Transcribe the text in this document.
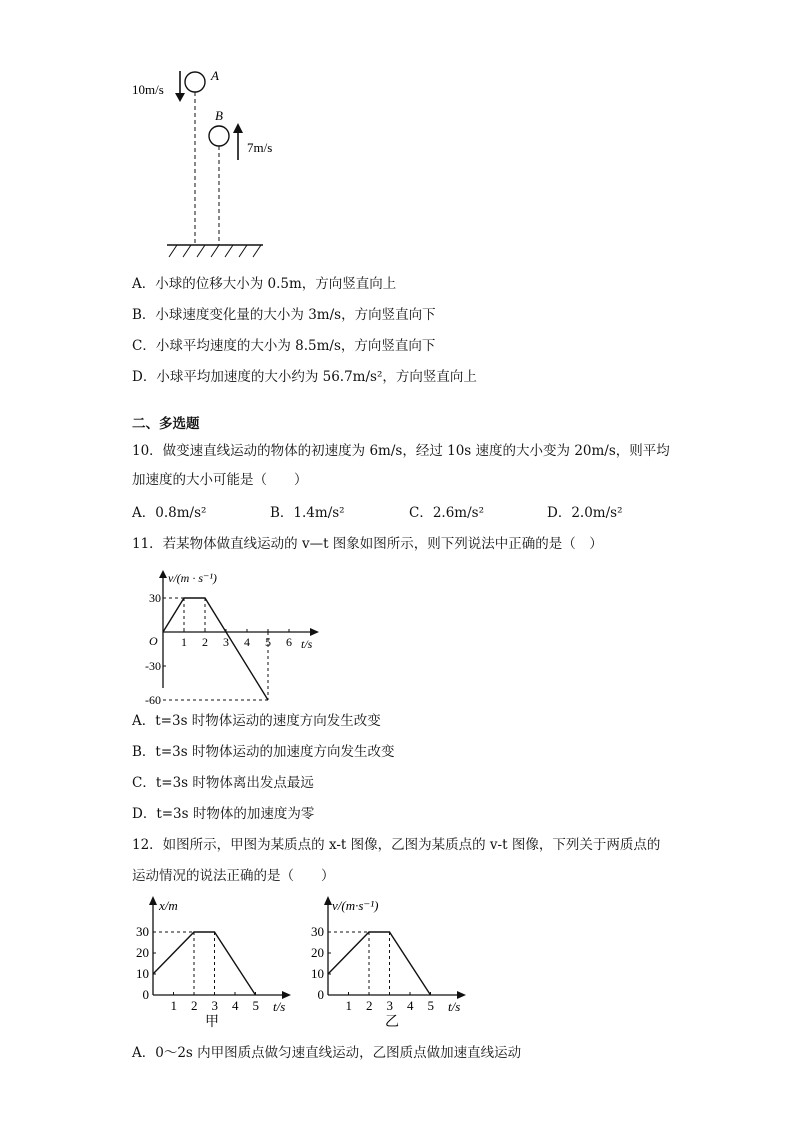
10m/s
A
B
7m/s
A．小球的位移大小为 0.5m，方向竖直向上
B．小球速度变化量的大小为 3m/s，方向竖直向下
C．小球平均速度的大小为 8.5m/s，方向竖直向下
D．小球平均加速度的大小约为 56.7m/s²，方向竖直向上
二、多选题
10．做变速直线运动的物体的初速度为 6m/s，经过 10s 速度的大小变为 20m/s，则平均
加速度的大小可能是（　　）
A．0.8m/s²	B．1.4m/s²	C．2.6m/s²	D．2.0m/s²
11．若某物体做直线运动的 v—t 图象如图所示，则下列说法中正确的是（　）
v/(m · s⁻¹)
t/s
O 1 2 3 4 5 6
30
-30
-60
A．t=3s 时物体运动的速度方向发生改变
B．t=3s 时物体运动的加速度方向发生改变
C．t=3s 时物体离出发点最远
D．t=3s 时物体的加速度为零
12．如图所示，甲图为某质点的 x-t 图像，乙图为某质点的 v-t 图像，下列关于两质点的
运动情况的说法正确的是（　　）
x/m
t/s
甲
1 2 3 4 5
0
10
20
30
v/(m·s⁻¹)
t/s
乙
1 2 3 4 5
0
10
20
30
A．0～2s 内甲图质点做匀速直线运动，乙图质点做加速直线运动
